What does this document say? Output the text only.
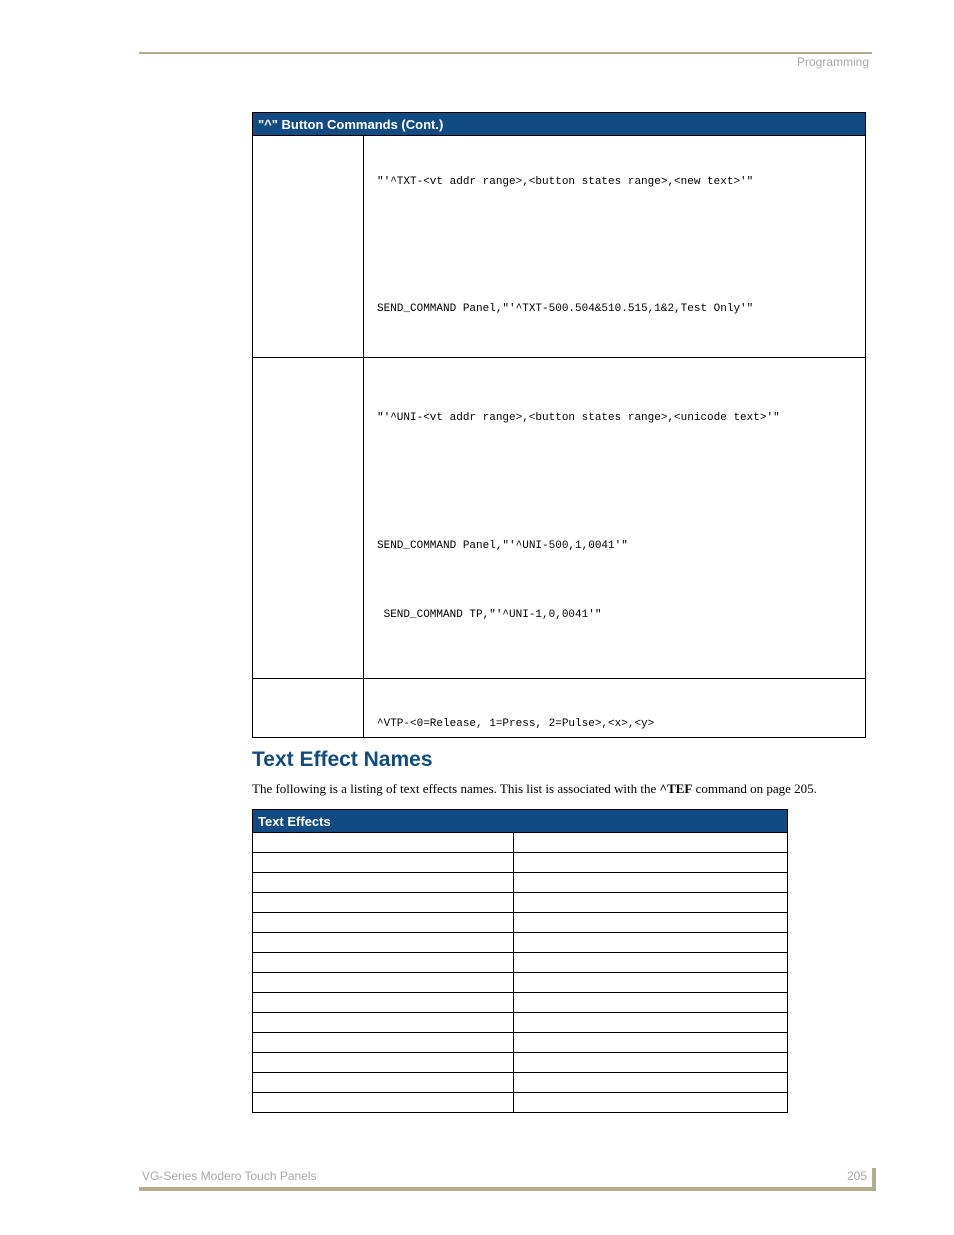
Programming
"^" Button Commands (Cont.)	

	"'^TXT-<vt addr range>,<button states range>,<new text>'"
SEND_COMMAND Panel,"'^TXT-500.504&510.515,1&2,Test Only'"

	"'^UNI-<vt addr range>,<button states range>,<unicode text>'"
SEND_COMMAND Panel,"'^UNI-500,1,0041'"
SEND_COMMAND TP,"'^UNI-1,0,0041'"

	^VTP-<0=Release, 1=Press, 2=Pulse>,<x>,<y>
Text Effect Names

The following is a listing of text effects names. This list is associated with the ^TEF command on page 205.

Text Effects	

VG-Series Modero Touch Panels	205
